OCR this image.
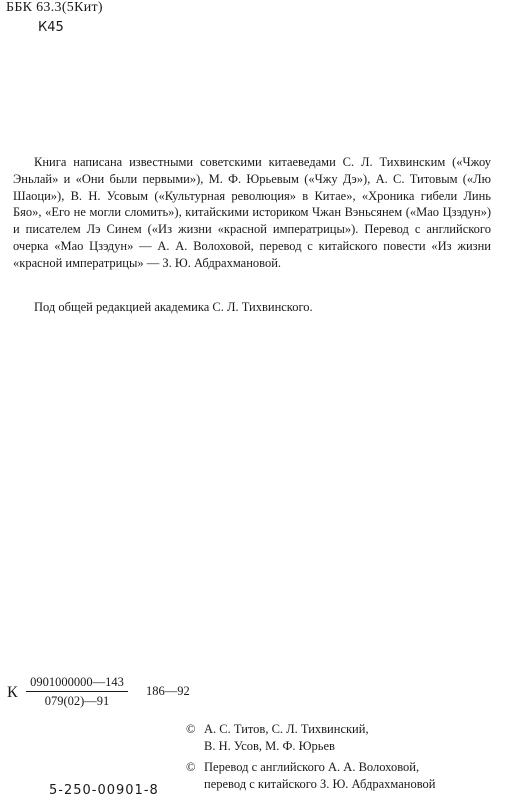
ББК 63.3(5Кит)
К45

Книга написана известными советскими китаеведами С. Л. Тихвинским («Чжоу Эньлай» и «Они были первыми»), М. Ф. Юрьевым («Чжу Дэ»), А. С. Титовым («Лю Шаоци»), В. Н. Усовым («Культурная революция» в Китае», «Хроника гибели Линь Бяо», «Его не могли сломить»), китайскими историком Чжан Вэньсянем («Мао Цзэдун») и писателем Лэ Синем («Из жизни «красной императрицы»). Перевод с английского очерка «Мао Цзэдун» — А. А. Волоховой, перевод с китайского повести «Из жизни «красной императрицы» — З. Ю. Абдрахмановой.

Под общей редакцией академика С. Л. Тихвинского.

К $\frac{0901000000—143}{079(02)—91}$ 186—92
© А. С. Титов, С. Л. Тихвинский,
В. Н. Усов, М. Ф. Юрьев
© Перевод с английского А. А. Волоховой,
перевод с китайского З. Ю. Абдрахмановой
5-250-00901-8
